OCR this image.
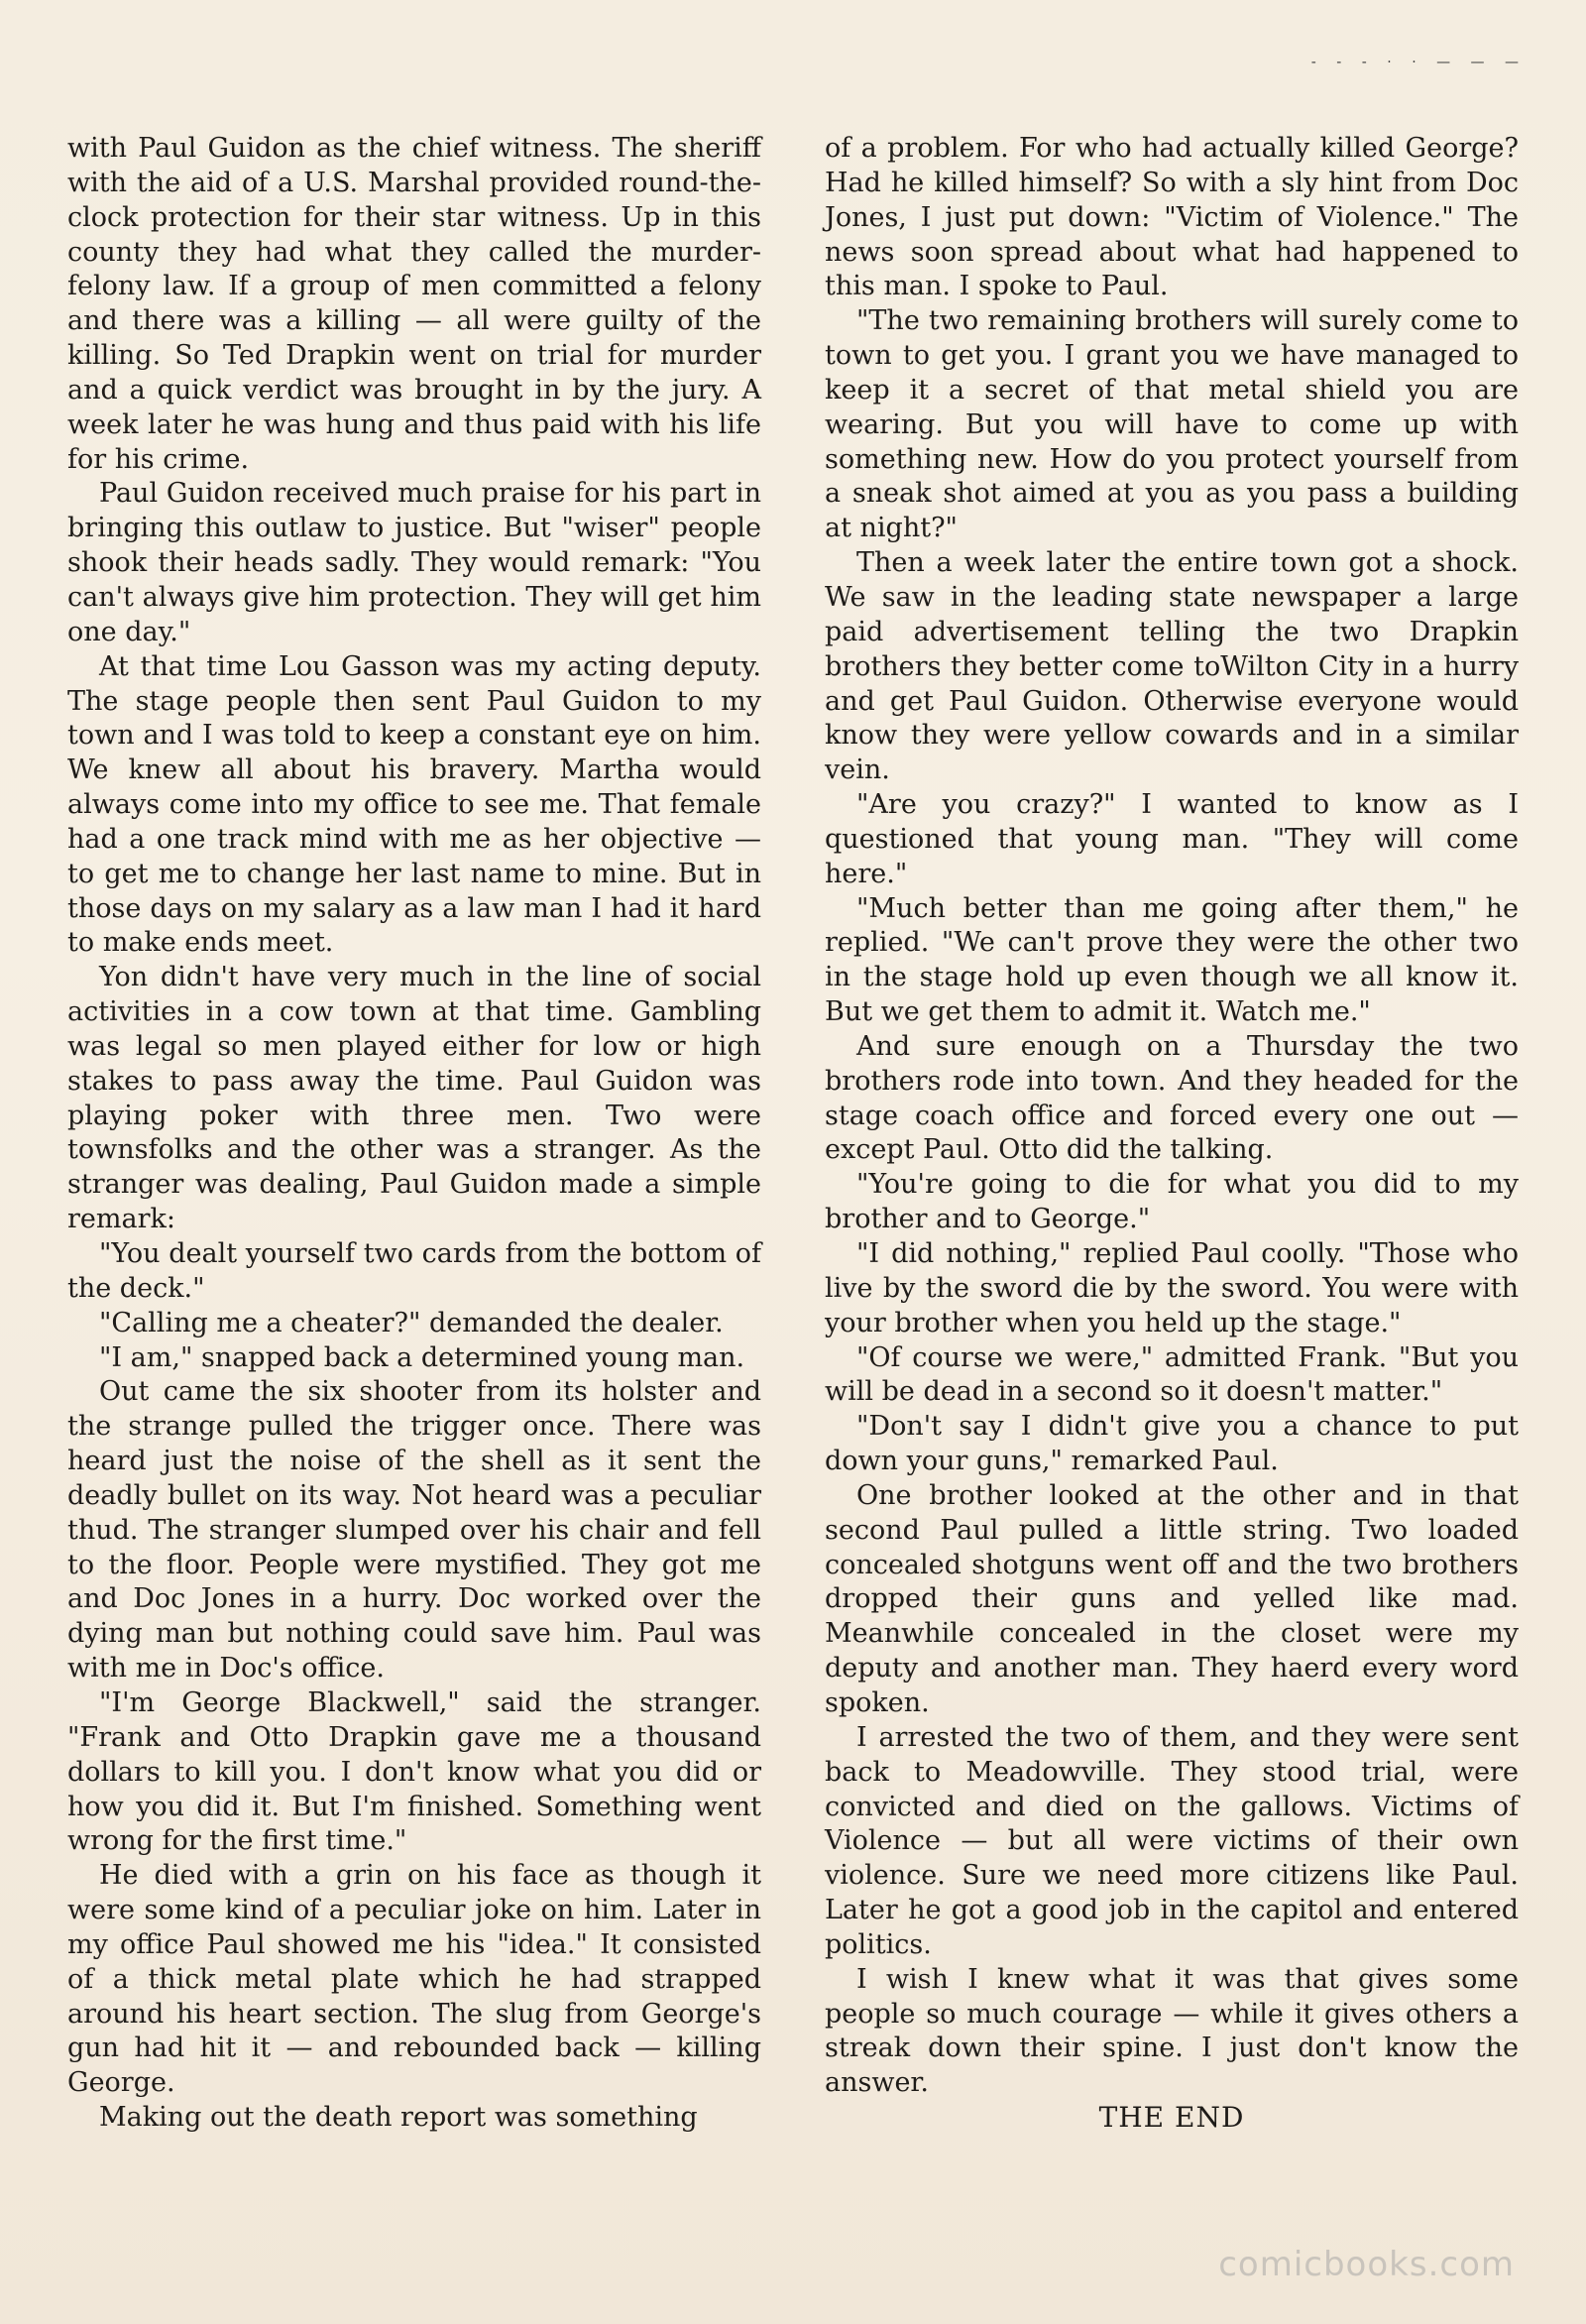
- - - · · — — —

with Paul Guidon as the chief witness. The sheriff with the aid of a U.S. Marshal provided round-the-clock protection for their star witness. Up in this county they had what they called the murder-felony law. If a group of men committed a felony and there was a killing — all were guilty of the killing. So Ted Drapkin went on trial for murder and a quick verdict was brought in by the jury. A week later he was hung and thus paid with his life for his crime.

Paul Guidon received much praise for his part in bringing this outlaw to justice. But "wiser" people shook their heads sadly. They would remark: "You can't always give him protection. They will get him one day."

At that time Lou Gasson was my acting deputy. The stage people then sent Paul Guidon to my town and I was told to keep a constant eye on him. We knew all about his bravery. Martha would always come into my office to see me. That female had a one track mind with me as her objective — to get me to change her last name to mine. But in those days on my salary as a law man I had it hard to make ends meet.

Yon didn't have very much in the line of social activities in a cow town at that time. Gambling was legal so men played either for low or high stakes to pass away the time. Paul Guidon was playing poker with three men. Two were townsfolks and the other was a stranger. As the stranger was dealing, Paul Guidon made a simple remark:

"You dealt yourself two cards from the bottom of the deck."

"Calling me a cheater?" demanded the dealer.

"I am," snapped back a determined young man.

Out came the six shooter from its holster and the strange pulled the trigger once. There was heard just the noise of the shell as it sent the deadly bullet on its way. Not heard was a peculiar thud. The stranger slumped over his chair and fell to the floor. People were mystified. They got me and Doc Jones in a hurry. Doc worked over the dying man but nothing could save him. Paul was with me in Doc's office.

"I'm George Blackwell," said the stranger. "Frank and Otto Drapkin gave me a thousand dollars to kill you. I don't know what you did or how you did it. But I'm finished. Something went wrong for the first time."

He died with a grin on his face as though it were some kind of a peculiar joke on him. Later in my office Paul showed me his "idea." It consisted of a thick metal plate which he had strapped around his heart section. The slug from George's gun had hit it — and rebounded back — killing George.

Making out the death report was something

of a problem. For who had actually killed George? Had he killed himself? So with a sly hint from Doc Jones, I just put down: "Victim of Violence." The news soon spread about what had happened to this man. I spoke to Paul.

"The two remaining brothers will surely come to town to get you. I grant you we have managed to keep it a secret of that metal shield you are wearing. But you will have to come up with something new. How do you protect yourself from a sneak shot aimed at you as you pass a building at night?"

Then a week later the entire town got a shock. We saw in the leading state newspaper a large paid advertisement telling the two Drapkin brothers they better come toWilton City in a hurry and get Paul Guidon. Otherwise everyone would know they were yellow cowards and in a similar vein.

"Are you crazy?" I wanted to know as I questioned that young man. "They will come here."

"Much better than me going after them," he replied. "We can't prove they were the other two in the stage hold up even though we all know it. But we get them to admit it. Watch me."

And sure enough on a Thursday the two brothers rode into town. And they headed for the stage coach office and forced every one out — except Paul. Otto did the talking.

"You're going to die for what you did to my brother and to George."

"I did nothing," replied Paul coolly. "Those who live by the sword die by the sword. You were with your brother when you held up the stage."

"Of course we were," admitted Frank. "But you will be dead in a second so it doesn't matter."

"Don't say I didn't give you a chance to put down your guns," remarked Paul.

One brother looked at the other and in that second Paul pulled a little string. Two loaded concealed shotguns went off and the two brothers dropped their guns and yelled like mad. Meanwhile concealed in the closet were my deputy and another man. They haerd every word spoken.

I arrested the two of them, and they were sent back to Meadowville. They stood trial, were convicted and died on the gallows. Victims of Violence — but all were victims of their own violence. Sure we need more citizens like Paul. Later he got a good job in the capitol and entered politics.

I wish I knew what it was that gives some people so much courage — while it gives others a streak down their spine. I just don't know the answer.

THE END

comicbooks.com
